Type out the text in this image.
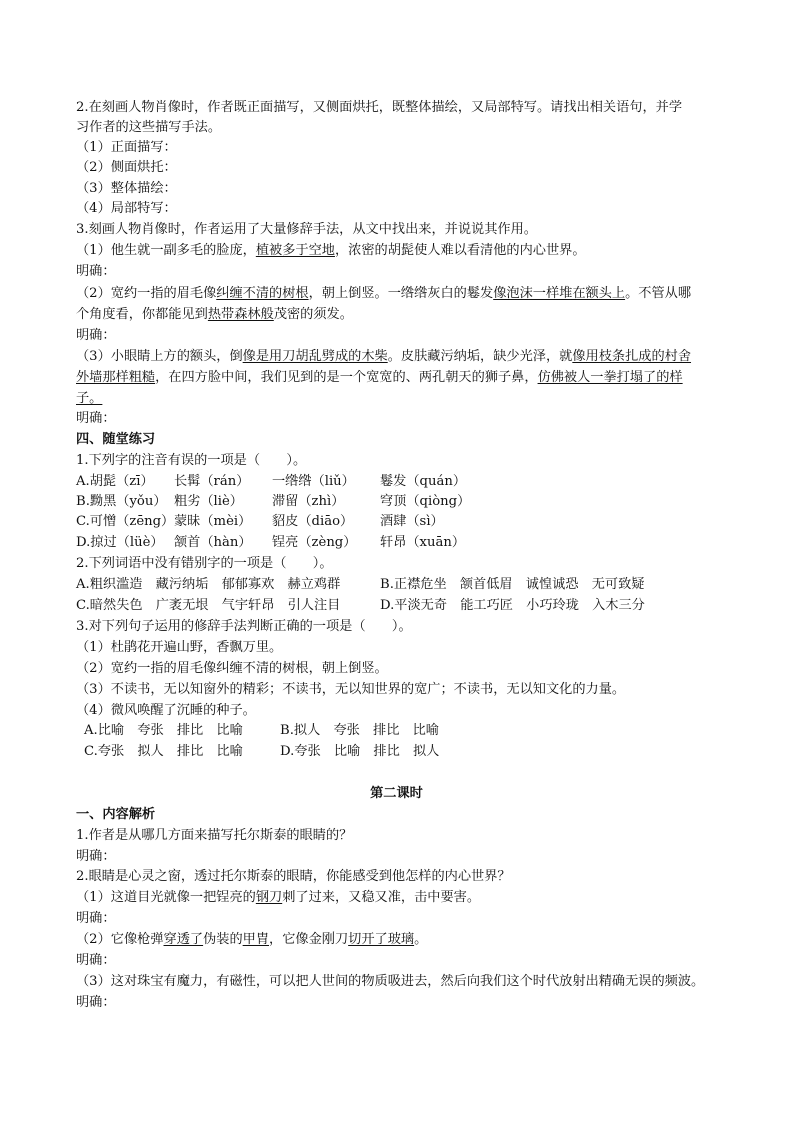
2.在刻画人物肖像时，作者既正面描写，又侧面烘托，既整体描绘，又局部特写。请找出相关语句，并学
习作者的这些描写手法。
（1）正面描写：
（2）侧面烘托：
（3）整体描绘：
（4）局部特写：
3.刻画人物肖像时，作者运用了大量修辞手法，从文中找出来，并说说其作用。
（1）他生就一副多毛的脸庞，植被多于空地，浓密的胡髭使人难以看清他的内心世界。
明确：
（2）宽约一指的眉毛像纠缠不清的树根，朝上倒竖。一绺绺灰白的鬈发像泡沫一样堆在额头上。不管从哪
个角度看，你都能见到热带森林般茂密的须发。
明确：
（3）小眼睛上方的额头，倒像是用刀胡乱劈成的木柴。皮肤藏污纳垢，缺少光泽，就像用枝条扎成的村舍
外墙那样粗糙，在四方脸中间，我们见到的是一个宽宽的、两孔朝天的狮子鼻，仿佛被人一拳打塌了的样
子。
明确：
四、随堂练习
1.下列字的注音有误的一项是（　　）。
A.胡髭（zī） 长髯（rán） 一绺绺（liǔ） 鬈发（quán）
B.黝黑（yǒu） 粗劣（liè） 滞留（zhì）	穹顶（qiòng）
C.可憎（zēng）蒙昧（mèi） 貂皮（diāo） 酒肆（sì）
D.掠过（lüè） 颔首（hàn） 锃亮（zèng） 轩昂（xuān）
2.下列词语中没有错别字的一项是（　　）。
A.粗织滥造　藏污纳垢　郁郁寡欢　赫立鸡群	B.正襟危坐　颔首低眉　诚惶诚恐　无可致疑
C.暗然失色　广袤无垠　气宇轩昂　引人注目	D.平淡无奇　能工巧匠　小巧玲珑　入木三分
3.对下列句子运用的修辞手法判断正确的一项是（　　）。
（1）杜鹃花开遍山野，香飘万里。
（2）宽约一指的眉毛像纠缠不清的树根，朝上倒竖。
（3）不读书，无以知窗外的精彩；不读书，无以知世界的宽广；不读书，无以知文化的力量。
（4）微风唤醒了沉睡的种子。
A.比喻　夸张　排比　比喻	B.拟人　夸张　排比　比喻
C.夸张　拟人　排比　比喻	D.夸张　比喻　排比　拟人
第二课时
一、内容解析
1.作者是从哪几方面来描写托尔斯泰的眼睛的？
明确：
2.眼睛是心灵之窗，透过托尔斯泰的眼睛，你能感受到他怎样的内心世界？
（1）这道目光就像一把锃亮的钢刀刺了过来，又稳又准，击中要害。
明确：
（2）它像枪弹穿透了伪装的甲胄，它像金刚刀切开了玻璃。
明确：
（3）这对珠宝有魔力，有磁性，可以把人世间的物质吸进去，然后向我们这个时代放射出精确无误的频波。
明确：
